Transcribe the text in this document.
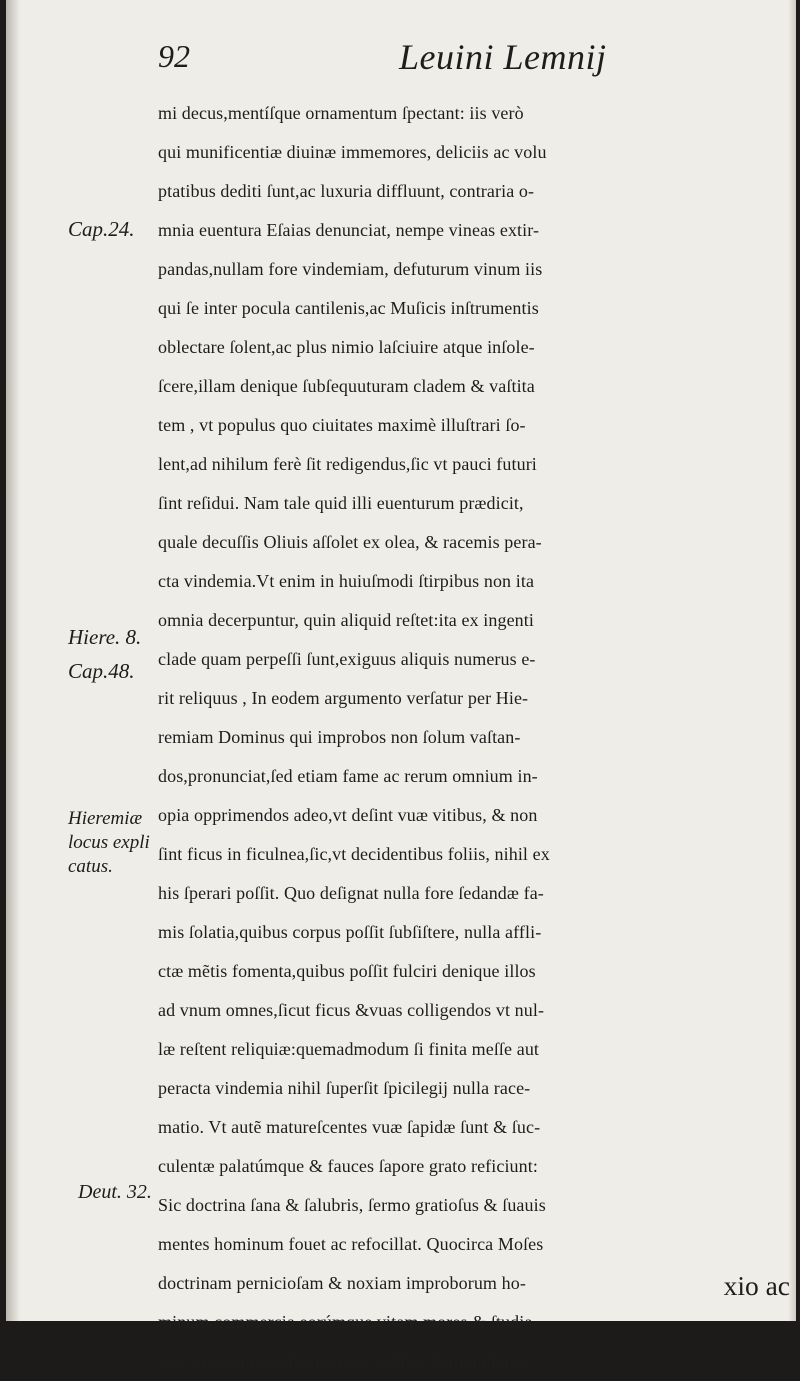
92	Leuini Lemnij
Cap.24.
Hiere. 8.
Cap.48.
Hieremiæ
locus expli
catus.
Deut. 32.
mi decus,mentíſque ornamentum ſpectant: iis verò
qui munificentiæ diuinæ immemores, deliciis ac volu
ptatibus dediti ſunt,ac luxuria diffluunt, contraria o-
mnia euentura Eſaias denunciat, nempe vineas extir-
pandas,nullam fore vindemiam, defuturum vinum iis
qui ſe inter pocula cantilenis,ac Muſicis inſtrumentis
oblectare ſolent,ac plus nimio laſciuire atque inſole-
ſcere,illam denique ſubſequuturam cladem & vaſtita
tem , vt populus quo ciuitates maximè illuſtrari ſo-
lent,ad nihilum ferè ſit redigendus,ſic vt pauci futuri
ſint reſidui. Nam tale quid illi euenturum prædicit,
quale decuſſis Oliuis aſſolet ex olea, & racemis pera-
cta vindemia.Vt enim in huiuſmodi ſtirpibus non ita
omnia decerpuntur, quin aliquid reſtet:ita ex ingenti
clade quam perpeſſi ſunt,exiguus aliquis numerus e-
rit reliquus , In eodem argumento verſatur per Hie-
remiam Dominus qui improbos non ſolum vaſtan-
dos,pronunciat,ſed etiam fame ac rerum omnium in-
opia opprimendos adeo,vt deſint vuæ vitibus, & non
ſint ficus in ficulnea,ſic,vt decidentibus foliis, nihil ex
his ſperari poſſit. Quo deſignat nulla fore ſedandæ fa-
mis ſolatia,quibus corpus poſſit ſubſiſtere, nulla affli-
ctæ mẽtis fomenta,quibus poſſit fulciri denique illos
ad vnum omnes,ſicut ficus &vuas colligendos vt nul-
læ reſtent reliquiæ:quemadmodum ſi finita meſſe aut
peracta vindemia nihil ſuperſit ſpicilegij nulla race-
matio. Vt autẽ matureſcentes vuæ ſapidæ ſunt & ſuc-
culentæ palatúmque & fauces ſapore grato reficiunt:
Sic doctrina ſana & ſalubris, ſermo gratioſus & ſuauis
mentes hominum fouet ac refocillat. Quocirca Moſes
doctrinam pernicioſam & noxiam improborum ho-
minum commercia eorúmque vitam mores & ſtudia
vuis venenatis comparat quæ animos hominum no-
xio ac
